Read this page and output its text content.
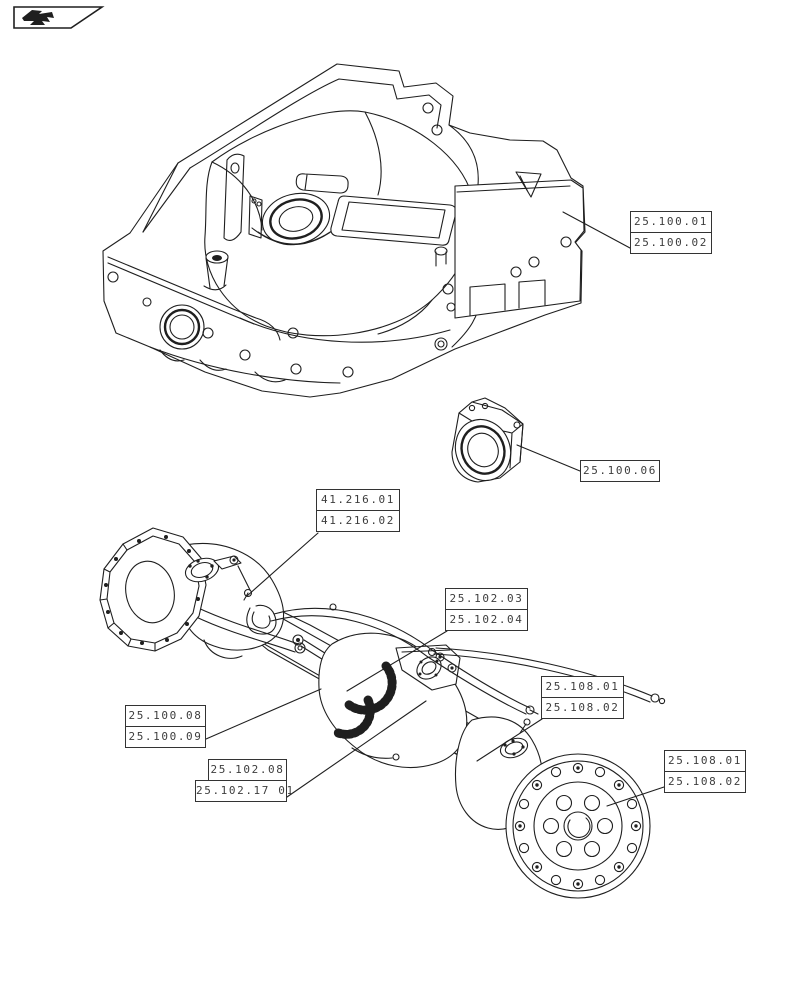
25.100.01
25.100.02
25.100.06
41.216.01
41.216.02
25.102.03
25.102.04
25.108.01
25.108.02
25.100.08
25.100.09
25.102.08
25.102.17 01
25.108.01
25.108.02
